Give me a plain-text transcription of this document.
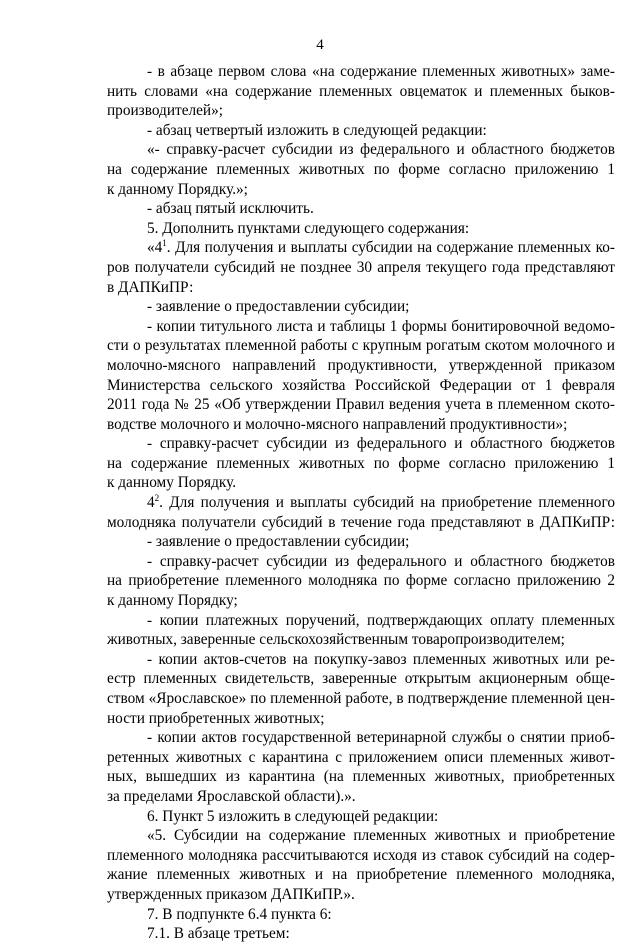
4
- в абзаце первом слова «на содержание племенных животных» заме-
нить словами «на содержание племенных овцематок и племенных быков-
производителей»;
- абзац четвертый изложить в следующей редакции:
«- справку-расчет субсидии из федерального и областного бюджетов
на содержание племенных животных по форме согласно приложению 1
к данному Порядку.»;
- абзац пятый исключить.
5. Дополнить пунктами следующего содержания:
«$4^1$. Для получения и выплаты субсидии на содержание племенных ко-
ров получатели субсидий не позднее 30 апреля текущего года представляют
в ДАПКиПР:
- заявление о предоставлении субсидии;
- копии титульного листа и таблицы 1 формы бонитировочной ведомо-
сти о результатах племенной работы с крупным рогатым скотом молочного и
молочно-мясного направлений продуктивности, утвержденной приказом
Министерства сельского хозяйства Российской Федерации от 1 февраля
2011 года № 25 «Об утверждении Правил ведения учета в племенном ското-
водстве молочного и молочно-мясного направлений продуктивности»;
- справку-расчет субсидии из федерального и областного бюджетов
на содержание племенных животных по форме согласно приложению 1
к данному Порядку.
$4^2$. Для получения и выплаты субсидий на приобретение племенного
молодняка получатели субсидий в течение года представляют в ДАПКиПР:
- заявление о предоставлении субсидии;
- справку-расчет субсидии из федерального и областного бюджетов
на приобретение племенного молодняка по форме согласно приложению 2
к данному Порядку;
- копии платежных поручений, подтверждающих оплату племенных
животных, заверенные сельскохозяйственным товаропроизводителем;
- копии актов-счетов на покупку-завоз племенных животных или ре-
естр племенных свидетельств, заверенные открытым акционерным обще-
ством «Ярославское» по племенной работе, в подтверждение племенной цен-
ности приобретенных животных;
- копии актов государственной ветеринарной службы о снятии приоб-
ретенных животных с карантина с приложением описи племенных живот-
ных, вышедших из карантина (на племенных животных, приобретенных
за пределами Ярославской области).».
6. Пункт 5 изложить в следующей редакции:
«5. Субсидии на содержание племенных животных и приобретение
племенного молодняка рассчитываются исходя из ставок субсидий на содер-
жание племенных животных и на приобретение племенного молодняка,
утвержденных приказом ДАПКиПР.».
7. В подпункте 6.4 пункта 6:
7.1. В абзаце третьем:
